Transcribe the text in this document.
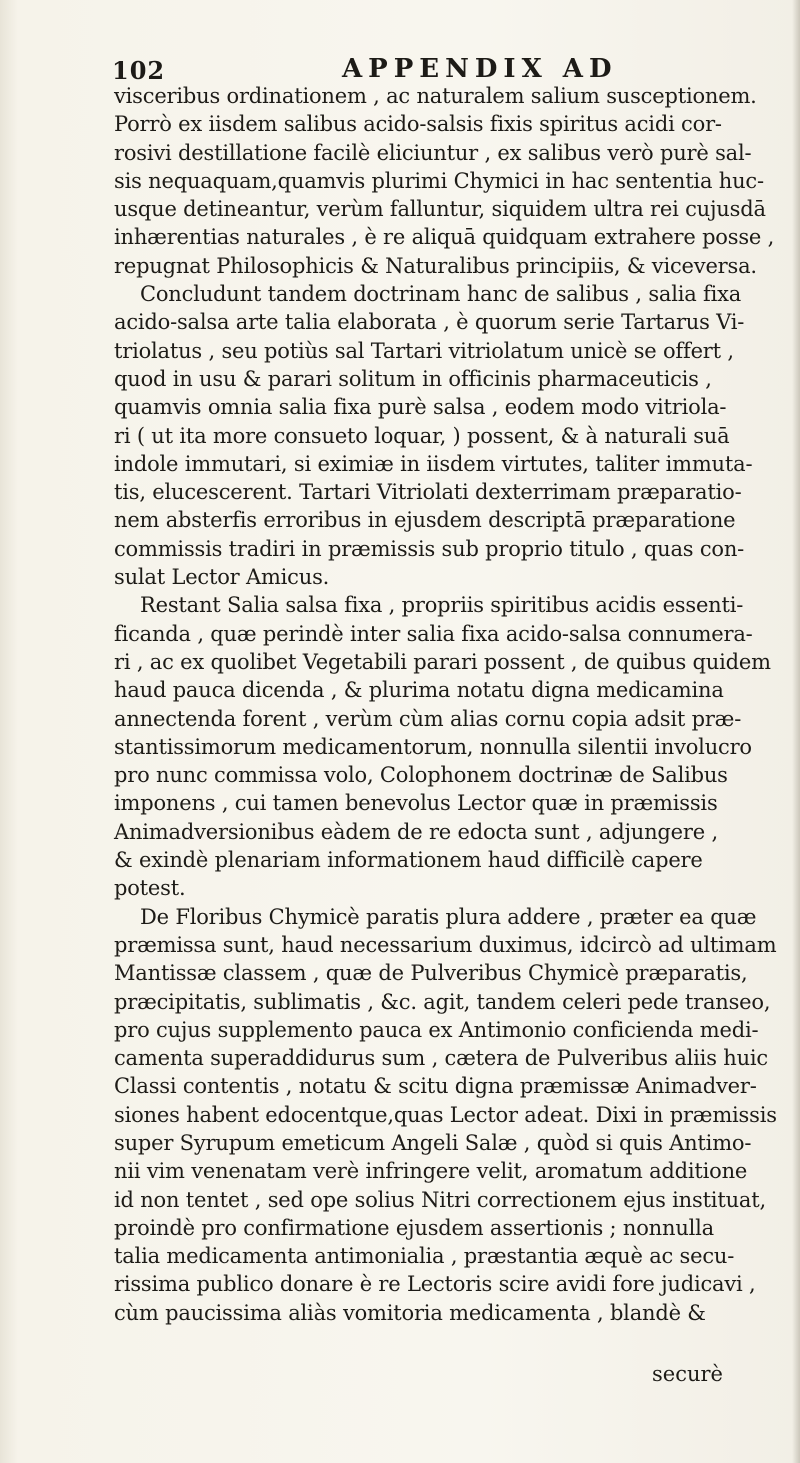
102	APPENDIX AD
visceribus ordinationem , ac naturalem salium susceptionem.
Porrò ex iisdem salibus acido-salsis fixis spiritus acidi cor-
rosivi destillatione facilè eliciuntur , ex salibus verò purè sal-
sis nequaquam,quamvis plurimi Chymici in hac sententia huc-
usque detineantur, verùm falluntur, siquidem ultra rei cujusdā
inhærentias naturales , è re aliquā quidquam extrahere posse ,
repugnat Philosophicis & Naturalibus principiis, & viceversa.
Concludunt tandem doctrinam hanc de salibus , salia fixa
acido-salsa arte talia elaborata , è quorum serie Tartarus Vi-
triolatus , seu potiùs sal Tartari vitriolatum unicè se offert ,
quod in usu & parari solitum in officinis pharmaceuticis ,
quamvis omnia salia fixa purè salsa , eodem modo vitriola-
ri ( ut ita more consueto loquar, ) possent, & à naturali suā
indole immutari, si eximiæ in iisdem virtutes, taliter immuta-
tis, elucescerent. Tartari Vitriolati dexterrimam præparatio-
nem absterfis erroribus in ejusdem descriptā præparatione
commissis tradiri in præmissis sub proprio titulo , quas con-
sulat Lector Amicus.
Restant Salia salsa fixa , propriis spiritibus acidis essenti-
ficanda , quæ perindè inter salia fixa acido-salsa connumera-
ri , ac ex quolibet Vegetabili parari possent , de quibus quidem
haud pauca dicenda , & plurima notatu digna medicamina
annectenda forent , verùm cùm alias cornu copia adsit præ-
stantissimorum medicamentorum, nonnulla silentii involucro
pro nunc commissa volo, Colophonem doctrinæ de Salibus
imponens , cui tamen benevolus Lector quæ in præmissis
Animadversionibus eàdem de re edocta sunt , adjungere ,
& exindè plenariam informationem haud difficilè capere
potest.
De Floribus Chymicè paratis plura addere , præter ea quæ
præmissa sunt, haud necessarium duximus, idcircò ad ultimam
Mantissæ classem , quæ de Pulveribus Chymicè præparatis,
præcipitatis, sublimatis , &c. agit, tandem celeri pede transeo,
pro cujus supplemento pauca ex Antimonio conficienda medi-
camenta superaddidurus sum , cætera de Pulveribus aliis huic
Classi contentis , notatu & scitu digna præmissæ Animadver-
siones habent edocentque,quas Lector adeat. Dixi in præmissis
super Syrupum emeticum Angeli Salæ , quòd si quis Antimo-
nii vim venenatam verè infringere velit, aromatum additione
id non tentet , sed ope solius Nitri correctionem ejus instituat,
proindè pro confirmatione ejusdem assertionis ; nonnulla
talia medicamenta antimonialia , præstantia æquè ac secu-
rissima publico donare è re Lectoris scire avidi fore judicavi ,
cùm paucissima aliàs vomitoria medicamenta , blandè &
securè
